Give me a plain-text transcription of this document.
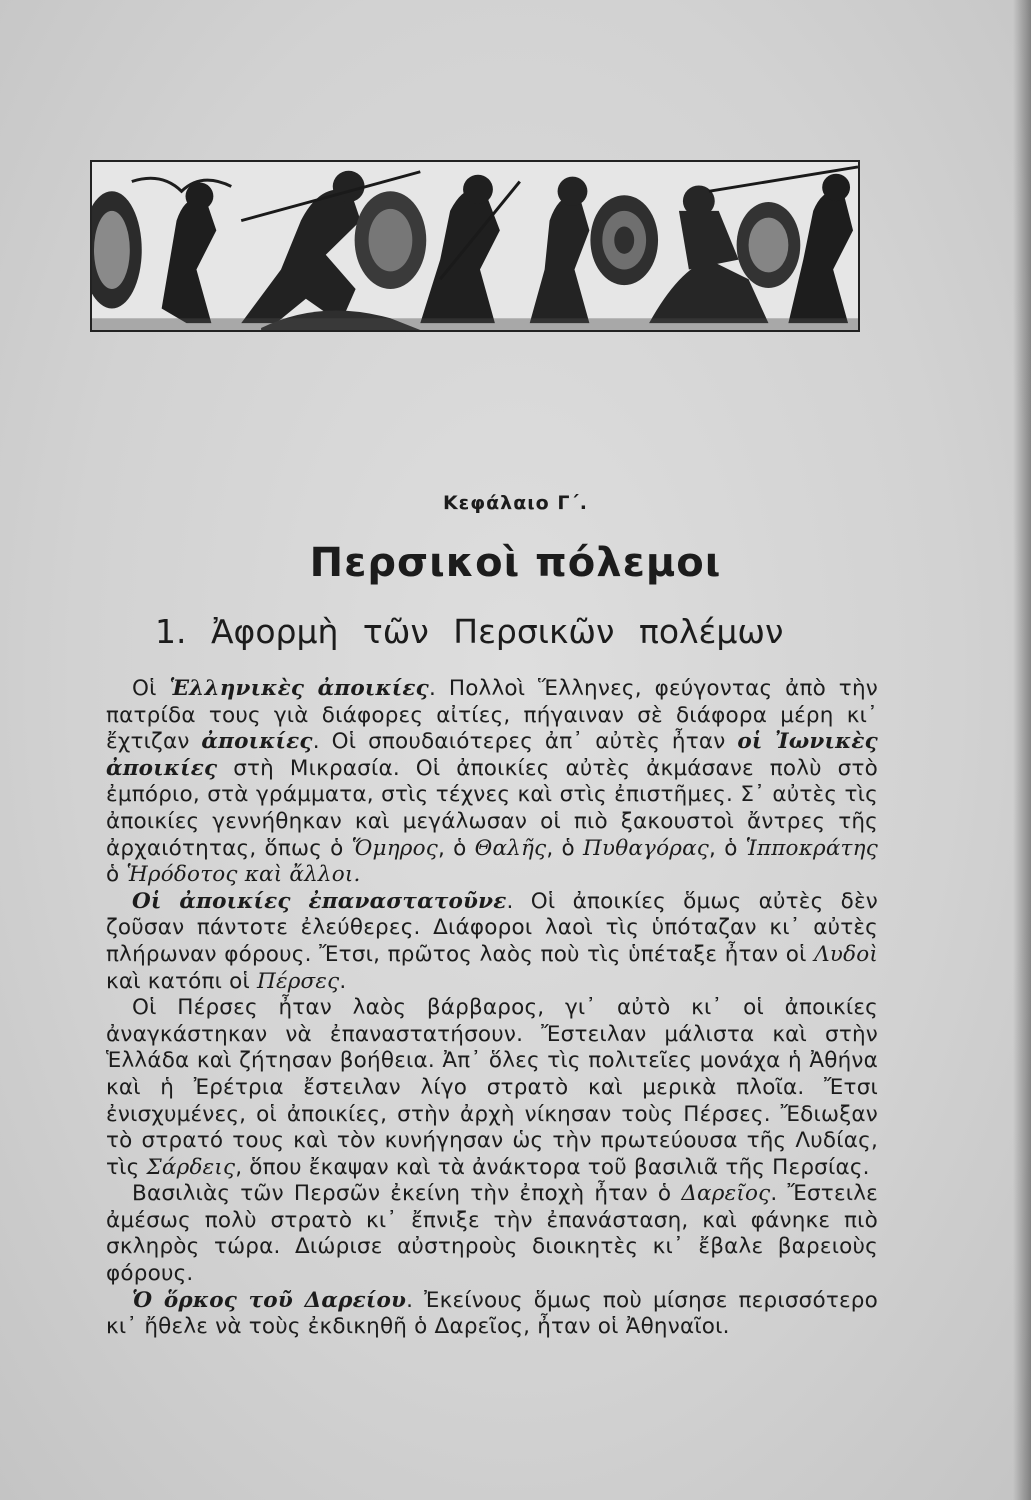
Κεφάλαιο Γ΄.
Περσικοὶ πόλεμοι
1. Ἀφορμὴ τῶν Περσικῶν πολέμων

Οἱ Ἑλληνικὲς ἀποικίες. Πολλοὶ Ἕλληνες, φεύγοντας ἀπὸ τὴν πατρίδα τους γιὰ διάφορες αἰτίες, πήγαιναν σὲ διάφορα μέρη κι᾿ ἔχτιζαν ἀποικίες. Οἱ σπουδαιότερες ἀπ᾿ αὐτὲς ἦταν οἱ Ἰωνικὲς ἀποικίες στὴ Μικρασία. Οἱ ἀποικίες αὐτὲς ἀκμάσανε πολὺ στὸ ἐμπόριο, στὰ γράμματα, στὶς τέχνες καὶ στὶς ἐπιστῆμες. Σ᾿ αὐτὲς τὶς ἀποικίες γεννήθηκαν καὶ μεγάλωσαν οἱ πιὸ ξακουστοὶ ἄντρες τῆς ἀρχαιότητας, ὅπως ὁ Ὅμηρος, ὁ Θαλῆς, ὁ Πυθαγόρας, ὁ Ἱπποκράτης ὁ Ἡρόδοτος καὶ ἄλλοι.

Οἱ ἀποικίες ἐπαναστατοῦνε. Οἱ ἀποικίες ὅμως αὐτὲς δὲν ζοῦσαν πάντοτε ἐλεύθερες. Διάφοροι λαοὶ τὶς ὑπόταζαν κι᾿ αὐτὲς πλήρωναν φόρους. Ἔτσι, πρῶτος λαὸς ποὺ τὶς ὑπέταξε ἦταν οἱ Λυδοὶ καὶ κατόπι οἱ Πέρσες.

Οἱ Πέρσες ἦταν λαὸς βάρβαρος, γι᾿ αὐτὸ κι᾿ οἱ ἀποικίες ἀναγκάστηκαν νὰ ἐπαναστατήσουν. Ἔστειλαν μάλιστα καὶ στὴν Ἑλλάδα καὶ ζήτησαν βοήθεια. Ἀπ᾿ ὅλες τὶς πολιτεῖες μονάχα ἡ Ἀθήνα καὶ ἡ Ἐρέτρια ἔστειλαν λίγο στρατὸ καὶ μερικὰ πλοῖα. Ἔτσι ἐνισχυμένες, οἱ ἀποικίες, στὴν ἀρχὴ νίκησαν τοὺς Πέρσες. Ἔδιωξαν τὸ στρατό τους καὶ τὸν κυνήγησαν ὡς τὴν πρωτεύουσα τῆς Λυδίας, τὶς Σάρδεις, ὅπου ἔκαψαν καὶ τὰ ἀνάκτορα τοῦ βασιλιᾶ τῆς Περσίας.

Βασιλιὰς τῶν Περσῶν ἐκείνη τὴν ἐποχὴ ἦταν ὁ Δαρεῖος. Ἔστειλε ἀμέσως πολὺ στρατὸ κι᾿ ἔπνιξε τὴν ἐπανάσταση, καὶ φάνηκε πιὸ σκληρὸς τώρα. Διώρισε αὐστηροὺς διοικητὲς κι᾿ ἔβαλε βαρειοὺς φόρους.

Ὁ ὅρκος τοῦ Δαρείου. Ἐκείνους ὅμως ποὺ μίσησε περισσότερο κι᾿ ἤθελε νὰ τοὺς ἐκδικηθῆ ὁ Δαρεῖος, ἦταν οἱ Ἀθηναῖοι.
